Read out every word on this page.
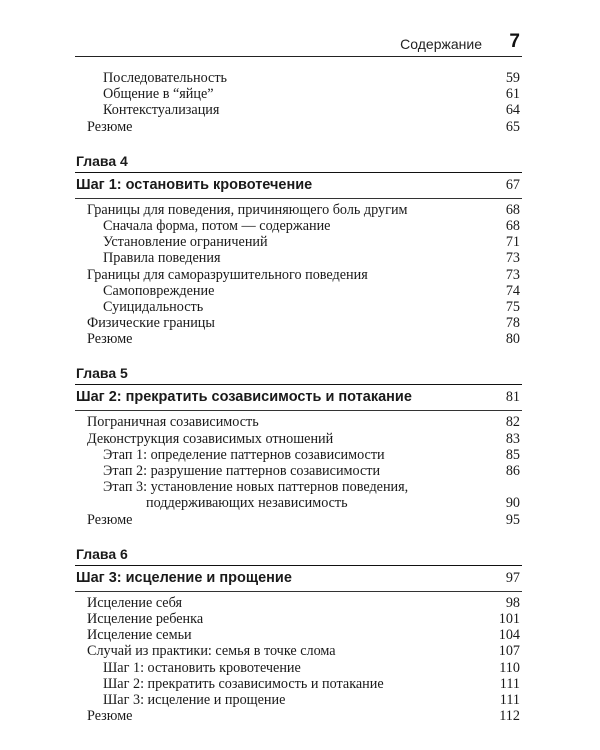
Содержание 7
Последовательность	59
Общение в “яйце”	61
Контекстуализация	64
Резюме	65
Глава 4
Шаг 1: остановить кровотечение	67
Границы для поведения, причиняющего боль другим	68
Сначала форма, потом — содержание	68
Установление ограничений	71
Правила поведения	73
Границы для саморазрушительного поведения	73
Самоповреждение	74
Суицидальность	75
Физические границы	78
Резюме	80
Глава 5
Шаг 2: прекратить созависимость и потакание	81
Пограничная созависимость	82
Деконструкция созависимых отношений	83
Этап 1: определение паттернов созависимости	85
Этап 2: разрушение паттернов созависимости	86
Этап 3: установление новых паттернов поведения,
поддерживающих независимость	90
Резюме	95
Глава 6
Шаг 3: исцеление и прощение	97
Исцеление себя	98
Исцеление ребенка	101
Исцеление семьи	104
Случай из практики: семья в точке слома	107
Шаг 1: остановить кровотечение	110
Шаг 2: прекратить созависимость и потакание	111
Шаг 3: исцеление и прощение	111
Резюме	112
